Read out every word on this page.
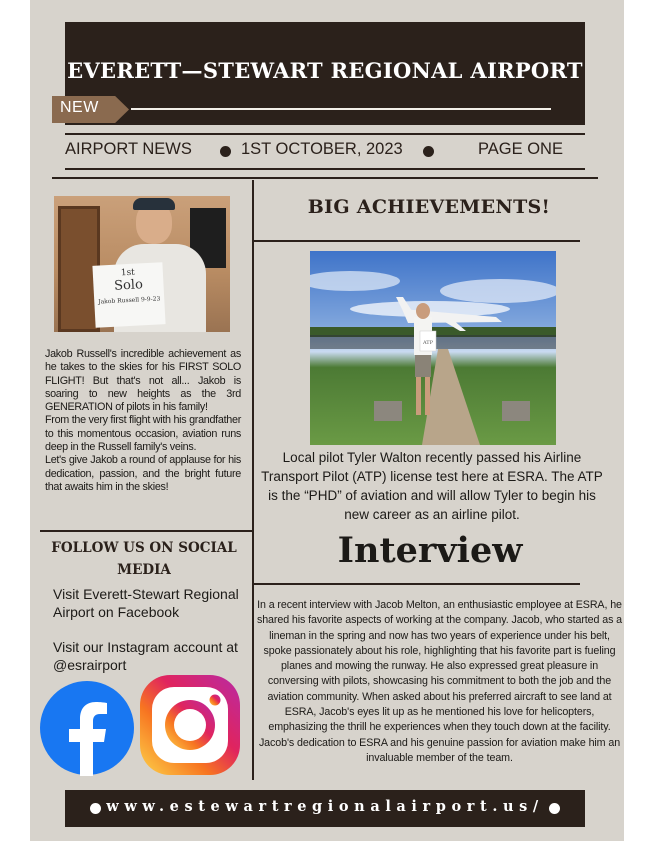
EVERETT—STEWART REGIONAL AIRPORT
NEW
AIRPORT NEWS	1ST OCTOBER, 2023	PAGE ONE
1st
Solo
Jakob Russell 9-9-23

Jakob Russell's incredible achievement as he takes to the skies for his FIRST SOLO FLIGHT! But that's not all... Jakob is soaring to new heights as the 3rd GENERATION of pilots in his family!

From the very first flight with his grandfather to this momentous occasion, aviation runs deep in the Russell family's veins.

Let's give Jakob a round of applause for his dedication, passion, and the bright future that awaits him in the skies!

FOLLOW US ON SOCIAL MEDIA
Visit Everett-Stewart Regional Airport on Facebook
Visit our Instagram account at @esrairport
BIG ACHIEVEMENTS!
ATP
Local pilot Tyler Walton recently passed his Airline Transport Pilot (ATP) license test here at ESRA. The ATP is the “PHD” of aviation and will allow Tyler to begin his new career as an airline pilot.
Interview
In a recent interview with Jacob Melton, an enthusiastic employee at ESRA, he shared his favorite aspects of working at the company. Jacob, who started as a lineman in the spring and now has two years of experience under his belt, spoke passionately about his role, highlighting that his favorite part is fueling planes and mowing the runway. He also expressed great pleasure in conversing with pilots, showcasing his commitment to both the job and the aviation community. When asked about his preferred aircraft to see land at ESRA, Jacob's eyes lit up as he mentioned his love for helicopters, emphasizing the thrill he experiences when they touch down at the facility. Jacob's dedication to ESRA and his genuine passion for aviation make him an invaluable member of the team.
www.estewartregionalairport.us/
